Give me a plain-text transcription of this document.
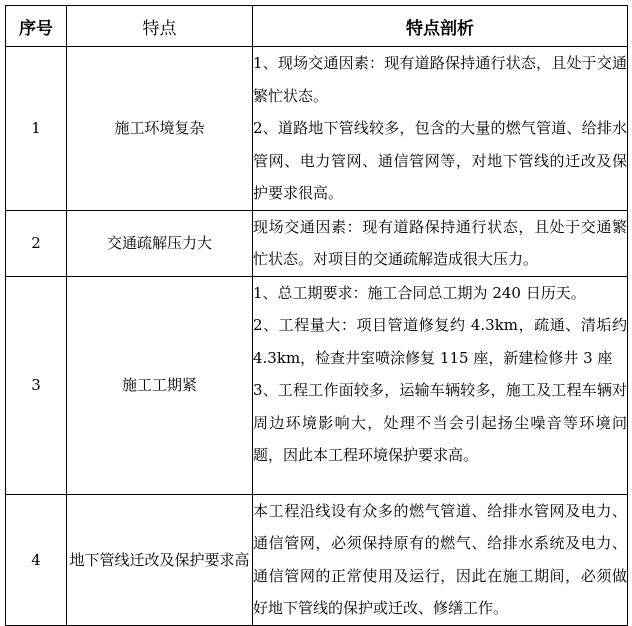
序号	特点	特点剖析
1	施工环境复杂	1、现场交通因素：现有道路保持通行状态，且处于交通繁忙状态。
2、道路地下管线较多，包含的大量的燃气管道、给排水管网、电力管网、通信管网等，对地下管线的迁改及保护要求很高。

2	交通疏解压力大	现场交通因素：现有道路保持通行状态，且处于交通繁忙状态。对项目的交通疏解造成很大压力。

3	施工工期紧	1、总工期要求：施工合同总工期为 240 日历天。
2、工程量大：项目管道修复约 4.3km，疏通、清垢约 4.3km，检查井室喷涂修复 115 座，新建检修井 3 座
3、工程工作面较多，运输车辆较多，施工及工程车辆对周边环境影响大，处理不当会引起扬尘噪音等环境问题，因此本工程环境保护要求高。

4	地下管线迁改及保护要求高	本工程沿线设有众多的燃气管道、给排水管网及电力、通信管网，必须保持原有的燃气、给排水系统及电力、通信管网的正常使用及运行，因此在施工期间，必须做好地下管线的保护或迁改、修缮工作。
